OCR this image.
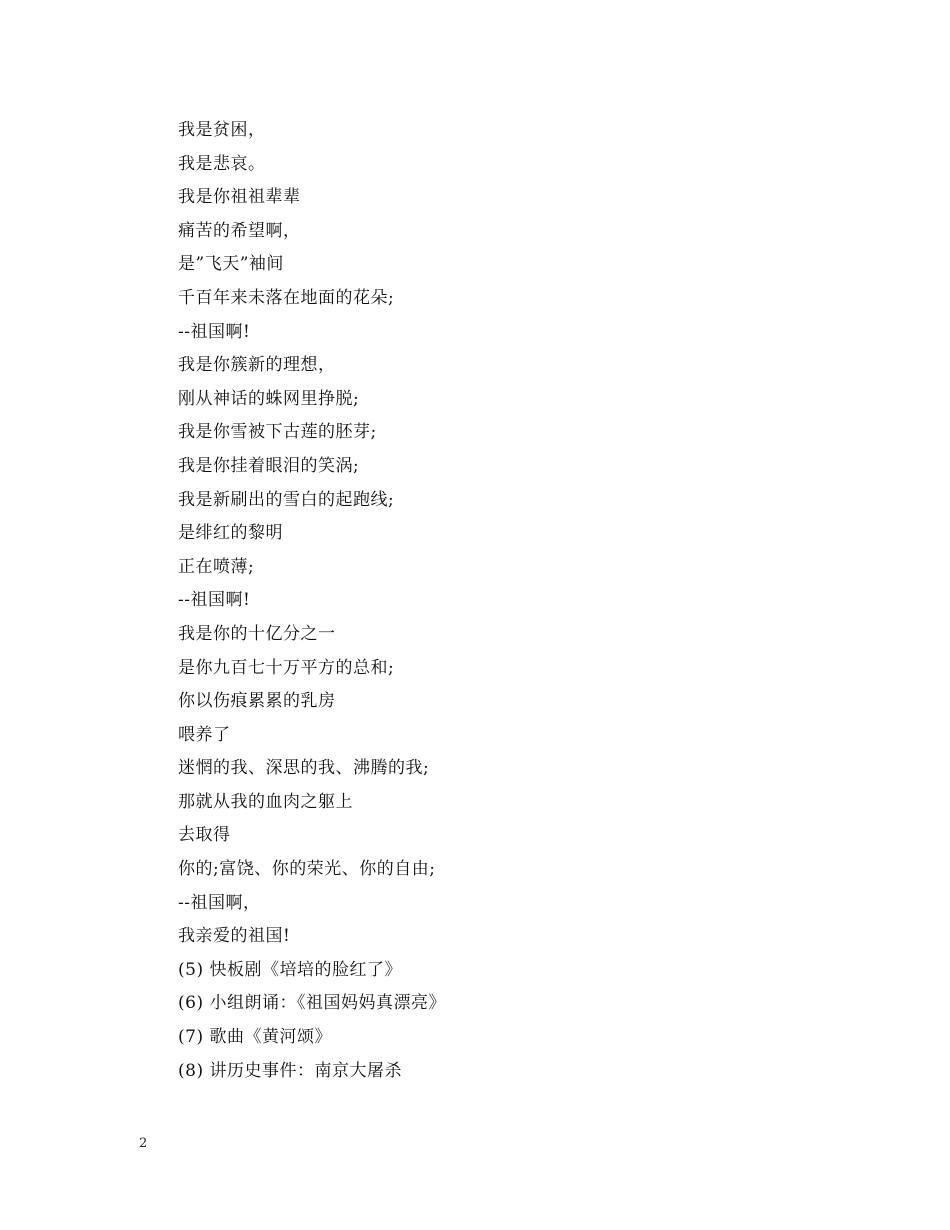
我是贫困，
我是悲哀。
我是你祖祖辈辈
痛苦的希望啊，
是”飞天”袖间
千百年来未落在地面的花朵;
--祖国啊!
我是你簇新的理想，
刚从神话的蛛网里挣脱;
我是你雪被下古莲的胚芽;
我是你挂着眼泪的笑涡;
我是新刷出的雪白的起跑线;
是绯红的黎明
正在喷薄;
--祖国啊!
我是你的十亿分之一
是你九百七十万平方的总和;
你以伤痕累累的乳房
喂养了
迷惘的我、深思的我、沸腾的我;
那就从我的血肉之躯上
去取得
你的;富饶、你的荣光、你的自由;
--祖国啊，
我亲爱的祖国!
(5) 快板剧《培培的脸红了》
(6) 小组朗诵：《祖国妈妈真漂亮》
(7) 歌曲《黄河颂》
(8) 讲历史事件：南京大屠杀
2
